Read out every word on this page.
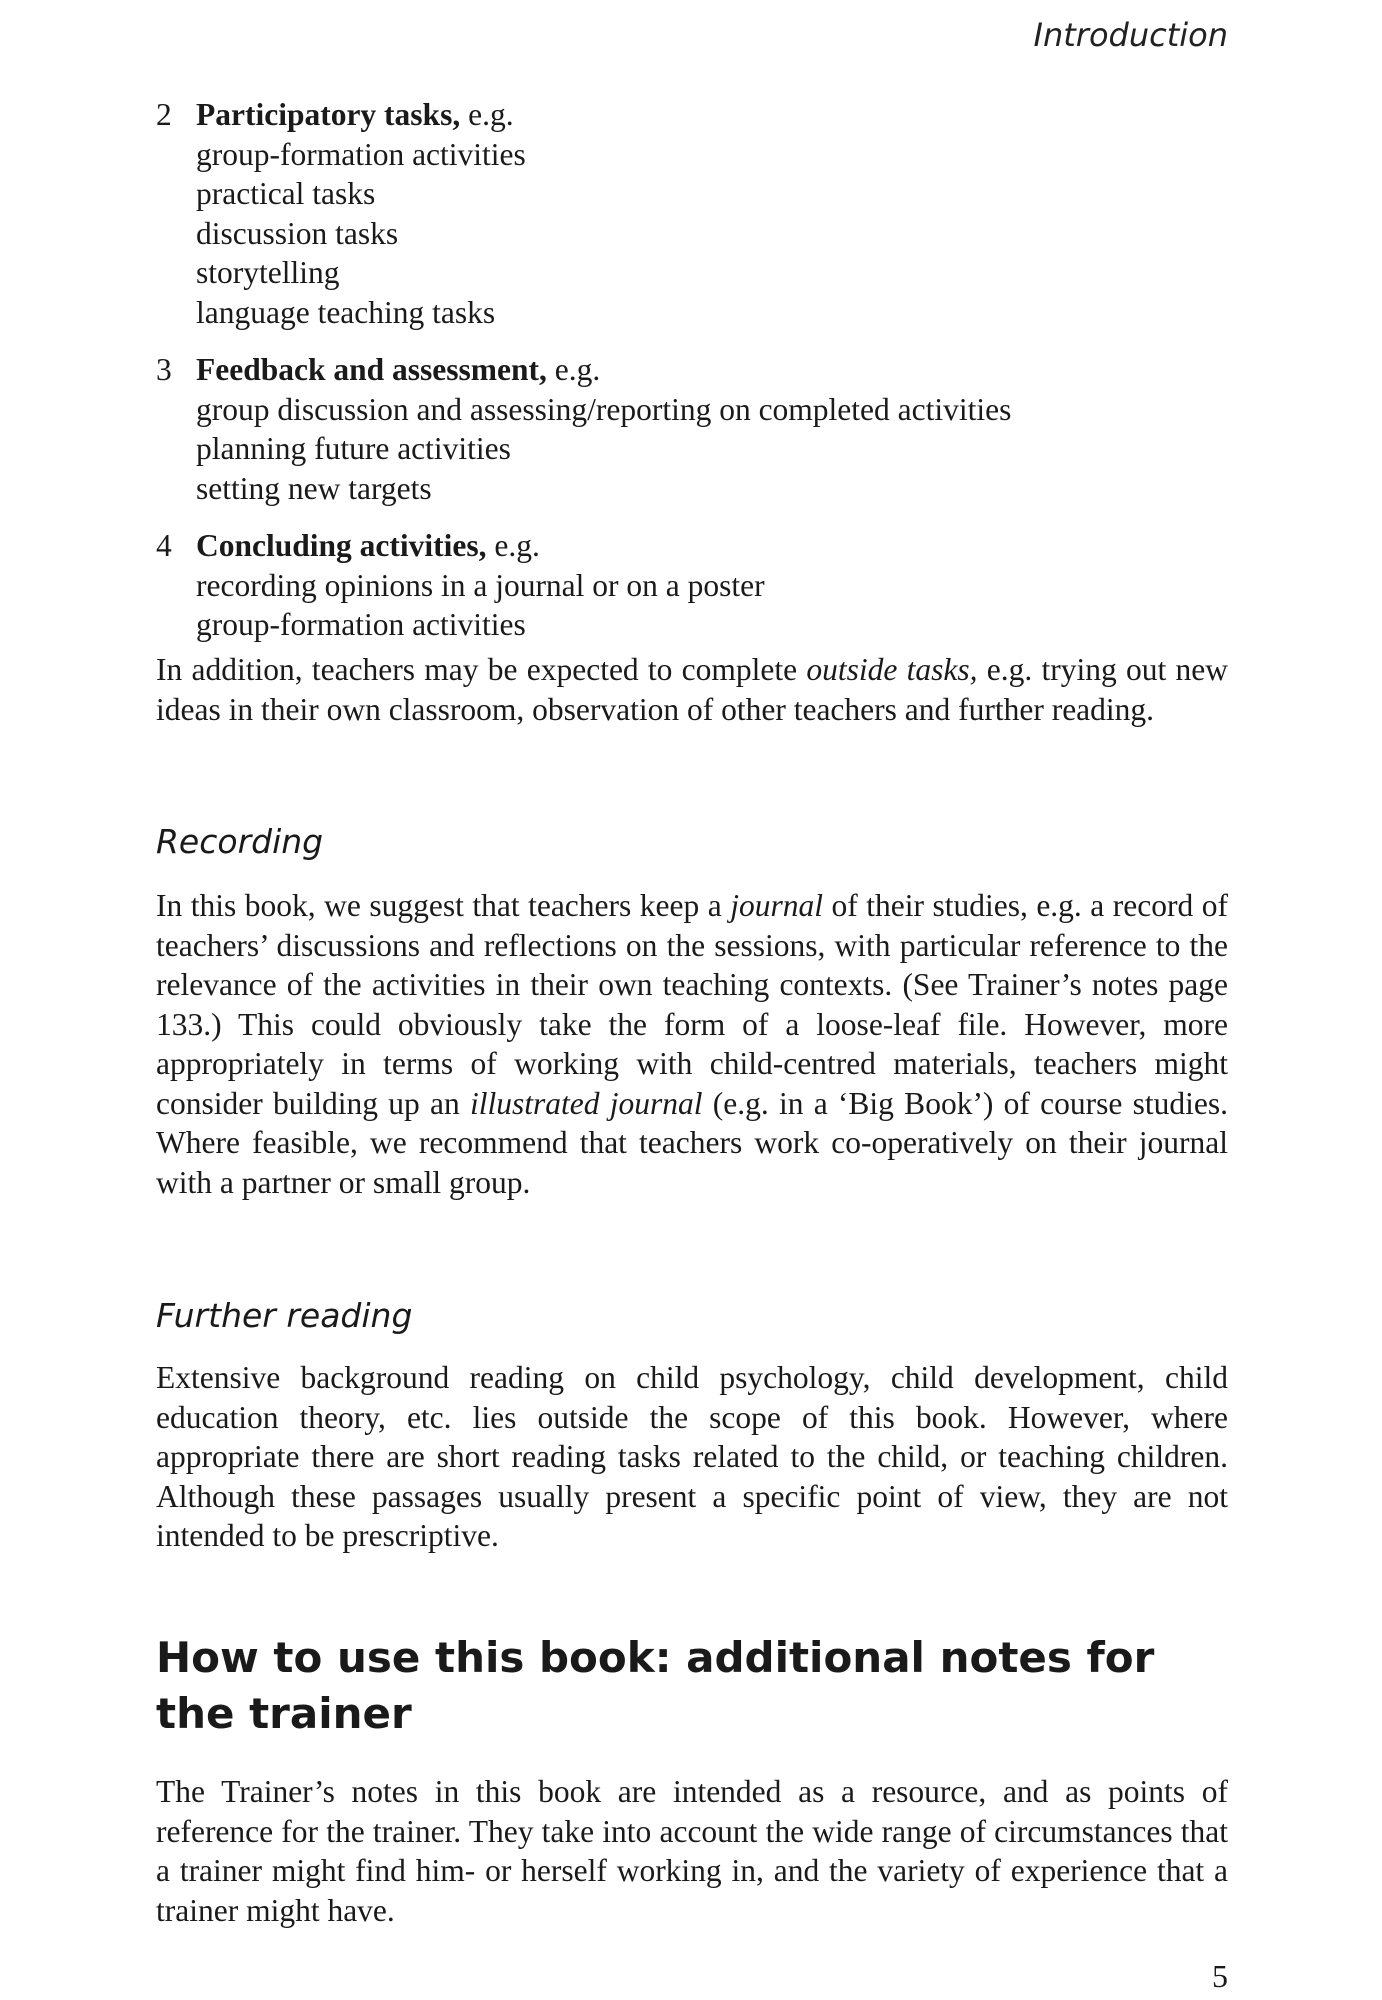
Introduction
2 Participatory tasks, e.g.
group-formation activities
practical tasks
discussion tasks
storytelling
language teaching tasks
3 Feedback and assessment, e.g.
group discussion and assessing/reporting on completed activities
planning future activities
setting new targets
4 Concluding activities, e.g.
recording opinions in a journal or on a poster
group-formation activities

In addition, teachers may be expected to complete outside tasks, e.g. trying out new ideas in their own classroom, observation of other teachers and further reading.

Recording

In this book, we suggest that teachers keep a journal of their studies, e.g. a record of teachers’ discussions and reflections on the sessions, with particular reference to the relevance of the activities in their own teaching contexts. (See Trainer’s notes page 133.) This could obviously take the form of a loose-leaf file. However, more appropriately in terms of working with child-centred materials, teachers might consider building up an illustrated journal (e.g. in a ‘Big Book’) of course studies. Where feasible, we recommend that teachers work co-operatively on their journal with a partner or small group.

Further reading

Extensive background reading on child psychology, child development, child education theory, etc. lies outside the scope of this book. However, where appropriate there are short reading tasks related to the child, or teaching children. Although these passages usually present a specific point of view, they are not intended to be prescriptive.

How to use this book: additional notes for the trainer

The Trainer’s notes in this book are intended as a resource, and as points of reference for the trainer. They take into account the wide range of circumstances that a trainer might find him- or herself working in, and the variety of experience that a trainer might have.

5
